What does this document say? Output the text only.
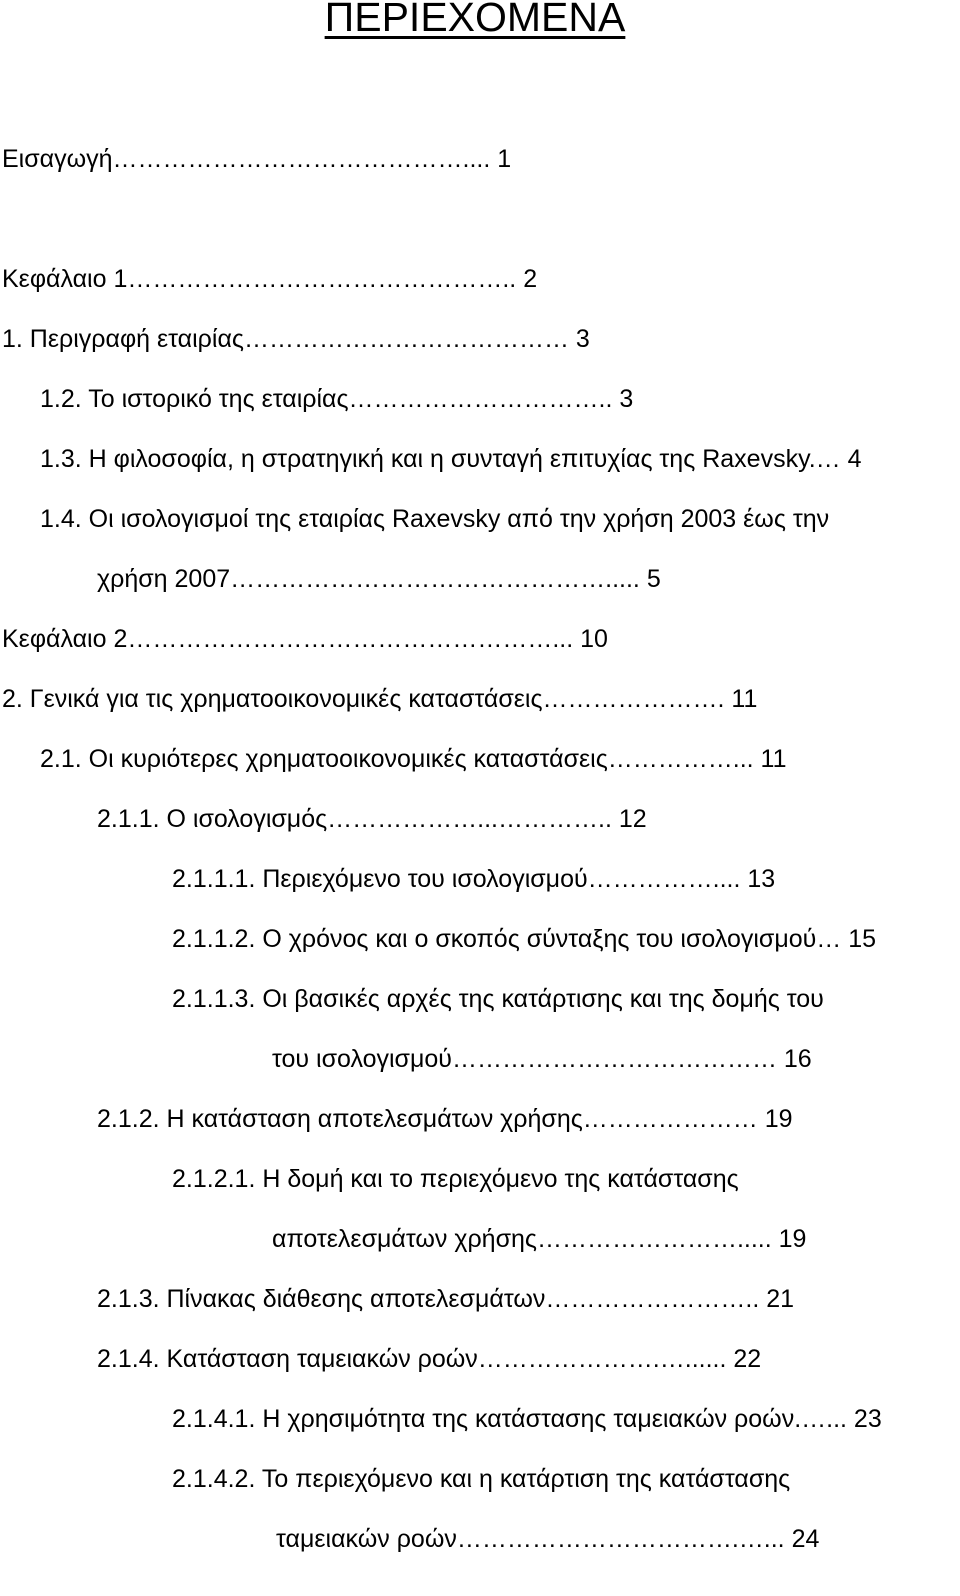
ΠΕΡΙΕΧΟΜΕΝΑ
Εισαγωγή…………………………………….... 1
Κεφάλαιο 1……………………………………….. 2
1. Περιγραφή εταιρίας………………………………… 3
1.2. Το ιστορικό της εταιρίας………………………….. 3
1.3. Η φιλοσοφία, η στρατηγική και η συνταγή επιτυχίας της Raxevsky.… 4
1.4. Οι ισολογισμοί της εταιρίας Raxevsky από την χρήση 2003 έως την
χρήση 2007………………………………………..... 5
Κεφάλαιο 2……………………………………………... 10
2. Γενικά για τις χρηματοοικονομικές καταστάσεις…………………. 11
2.1. Οι κυριότερες χρηματοοικονομικές καταστάσεις……………... 11
2.1.1. Ο ισολογισμός………………...………….. 12
2.1.1.1. Περιεχόμενο του ισολογισμού…………….... 13
2.1.1.2. Ο χρόνος και ο σκοπός σύνταξης του ισολογισμού… 15
2.1.1.3. Οι βασικές αρχές της κατάρτισης και της δομής του
του ισολογισμού………………………………… 16
2.1.2. Η κατάσταση αποτελεσμάτων χρήσης………………… 19
2.1.2.1. Η δομή και το περιεχόμενο της κατάστασης
αποτελεσμάτων χρήσης……………………..... 19
2.1.3. Πίνακας διάθεσης αποτελεσμάτων…………………….. 21
2.1.4. Κατάσταση ταμειακών ροών………………….…...... 22
2.1.4.1. Η χρησιμότητα της κατάστασης ταμειακών ροών.…... 23
2.1.4.2. Το περιεχόμενο και η κατάρτιση της κατάστασης
ταμειακών ροών…………………………….…... 24
